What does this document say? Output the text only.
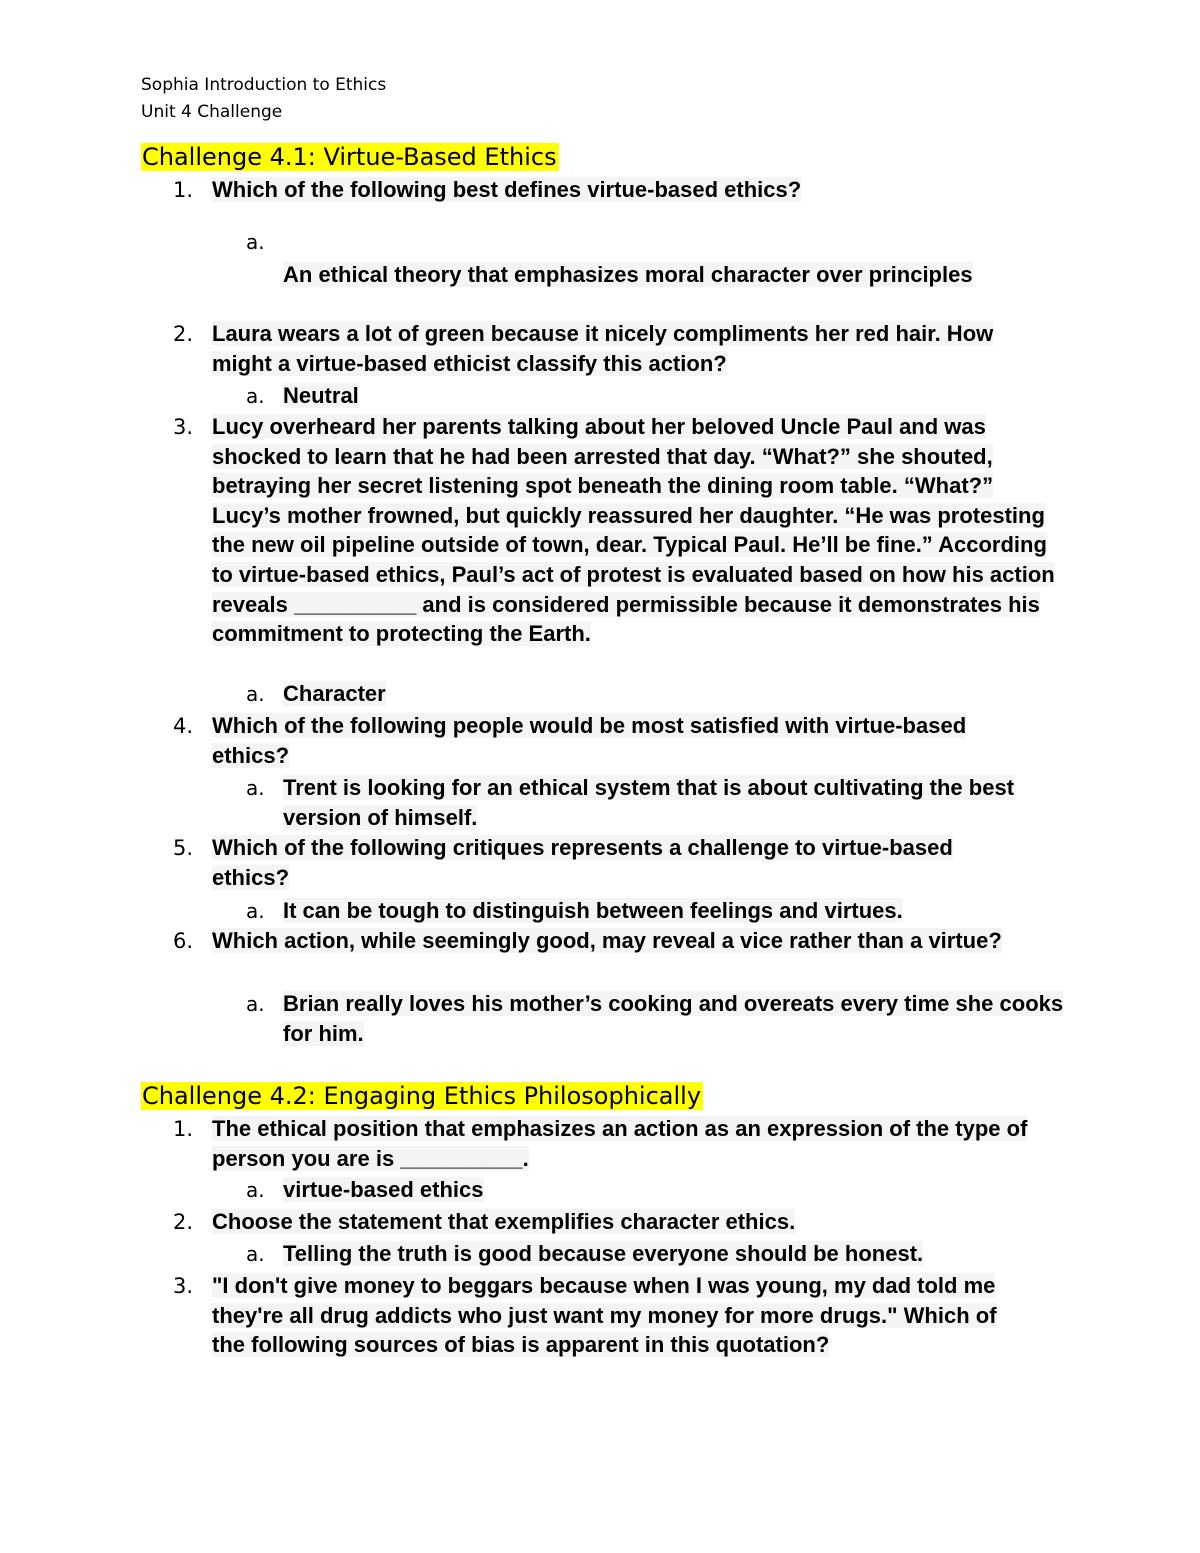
Sophia Introduction to Ethics
Unit 4 Challenge
Challenge 4.1: Virtue-Based Ethics
1. Which of the following best defines virtue-based ethics?
a.
An ethical theory that emphasizes moral character over principles
2. Laura wears a lot of green because it nicely compliments her red hair. How might a virtue-based ethicist classify this action?
a. Neutral
3. Lucy overheard her parents talking about her beloved Uncle Paul and was shocked to learn that he had been arrested that day. “What?” she shouted, betraying her secret listening spot beneath the dining room table. “What?” Lucy’s mother frowned, but quickly reassured her daughter. “He was protesting the new oil pipeline outside of town, dear. Typical Paul. He’ll be fine.” According to virtue-based ethics, Paul’s act of protest is evaluated based on how his action reveals __________ and is considered permissible because it demonstrates his commitment to protecting the Earth.
a. Character
4. Which of the following people would be most satisfied with virtue-based ethics?
a. Trent is looking for an ethical system that is about cultivating the best version of himself.
5. Which of the following critiques represents a challenge to virtue-based ethics?
a. It can be tough to distinguish between feelings and virtues.
6. Which action, while seemingly good, may reveal a vice rather than a virtue?
a. Brian really loves his mother’s cooking and overeats every time she cooks for him.
Challenge 4.2: Engaging Ethics Philosophically
1. The ethical position that emphasizes an action as an expression of the type of person you are is __________.
a. virtue-based ethics
2. Choose the statement that exemplifies character ethics.
a. Telling the truth is good because everyone should be honest.
3. "I don't give money to beggars because when I was young, my dad told me they're all drug addicts who just want my money for more drugs." Which of the following sources of bias is apparent in this quotation?
